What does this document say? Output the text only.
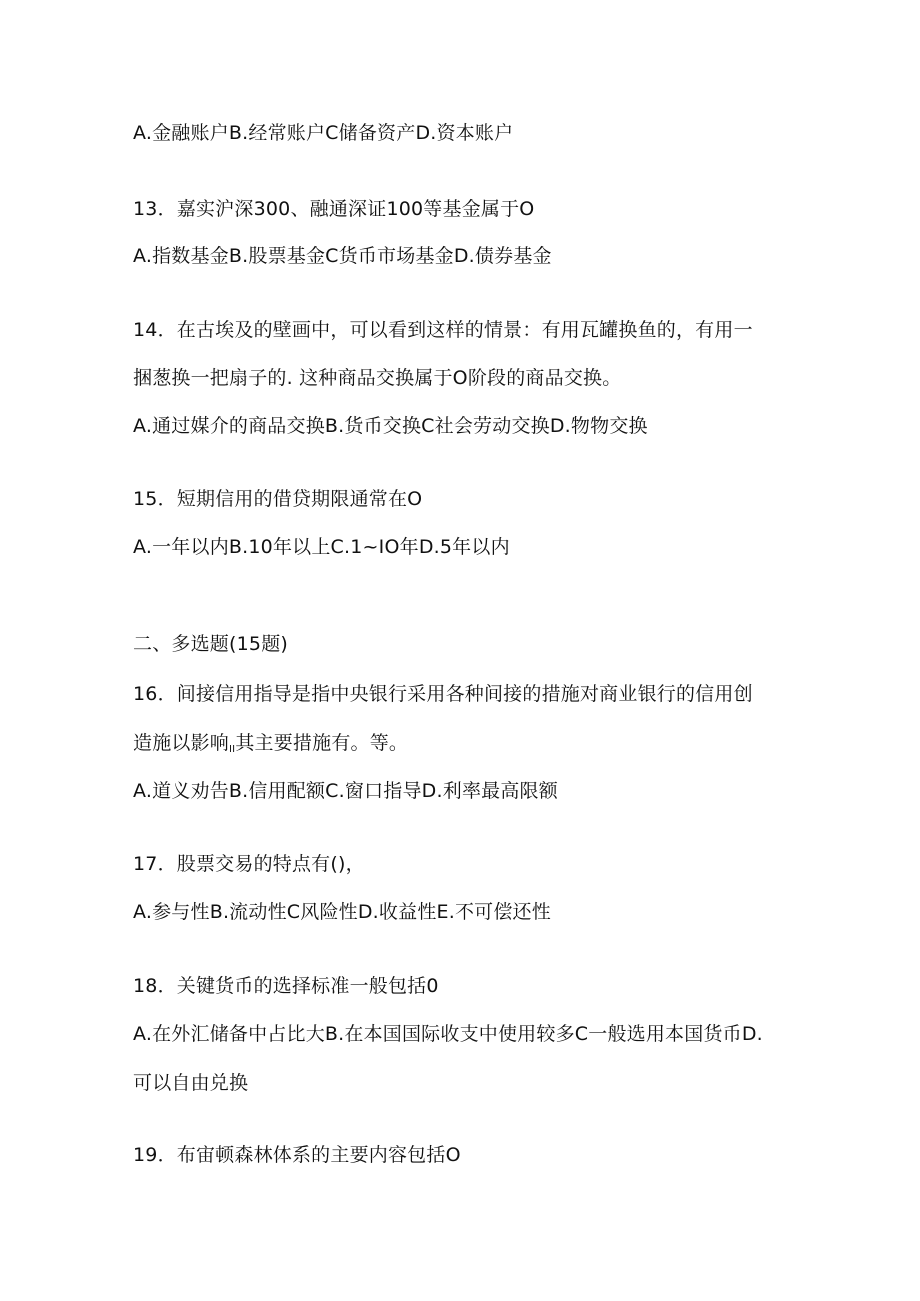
A.金融账户B.经常账户C储备资产D.资本账户
13．嘉实沪深300、融通深证100等基金属于O
A.指数基金B.股票基金C货币市场基金D.债券基金
14．在古埃及的壁画中，可以看到这样的情景：有用瓦罐换鱼的，有用一
捆葱换一把扇子的. 这种商品交换属于O阶段的商品交换。
A.通过媒介的商品交换B.货币交换C社会劳动交换D.物物交换
15．短期信用的借贷期限通常在O
A.一年以内B.10年以上C.1~IO年D.5年以内
二、多选题(15题)
16．间接信用指导是指中央银行采用各种间接的措施对商业银行的信用创
造施以影响$_{II}$其主要措施有。等。
A.道义劝告B.信用配额C.窗口指导D.利率最高限额
17．股票交易的特点有()，
A.参与性B.流动性C风险性D.收益性E.不可偿还性
18．关键货币的选择标准一般包括0
A.在外汇储备中占比大B.在本国国际收支中使用较多C一般选用本国货币D.
可以自由兑换
19．布宙顿森林体系的主要内容包括O
